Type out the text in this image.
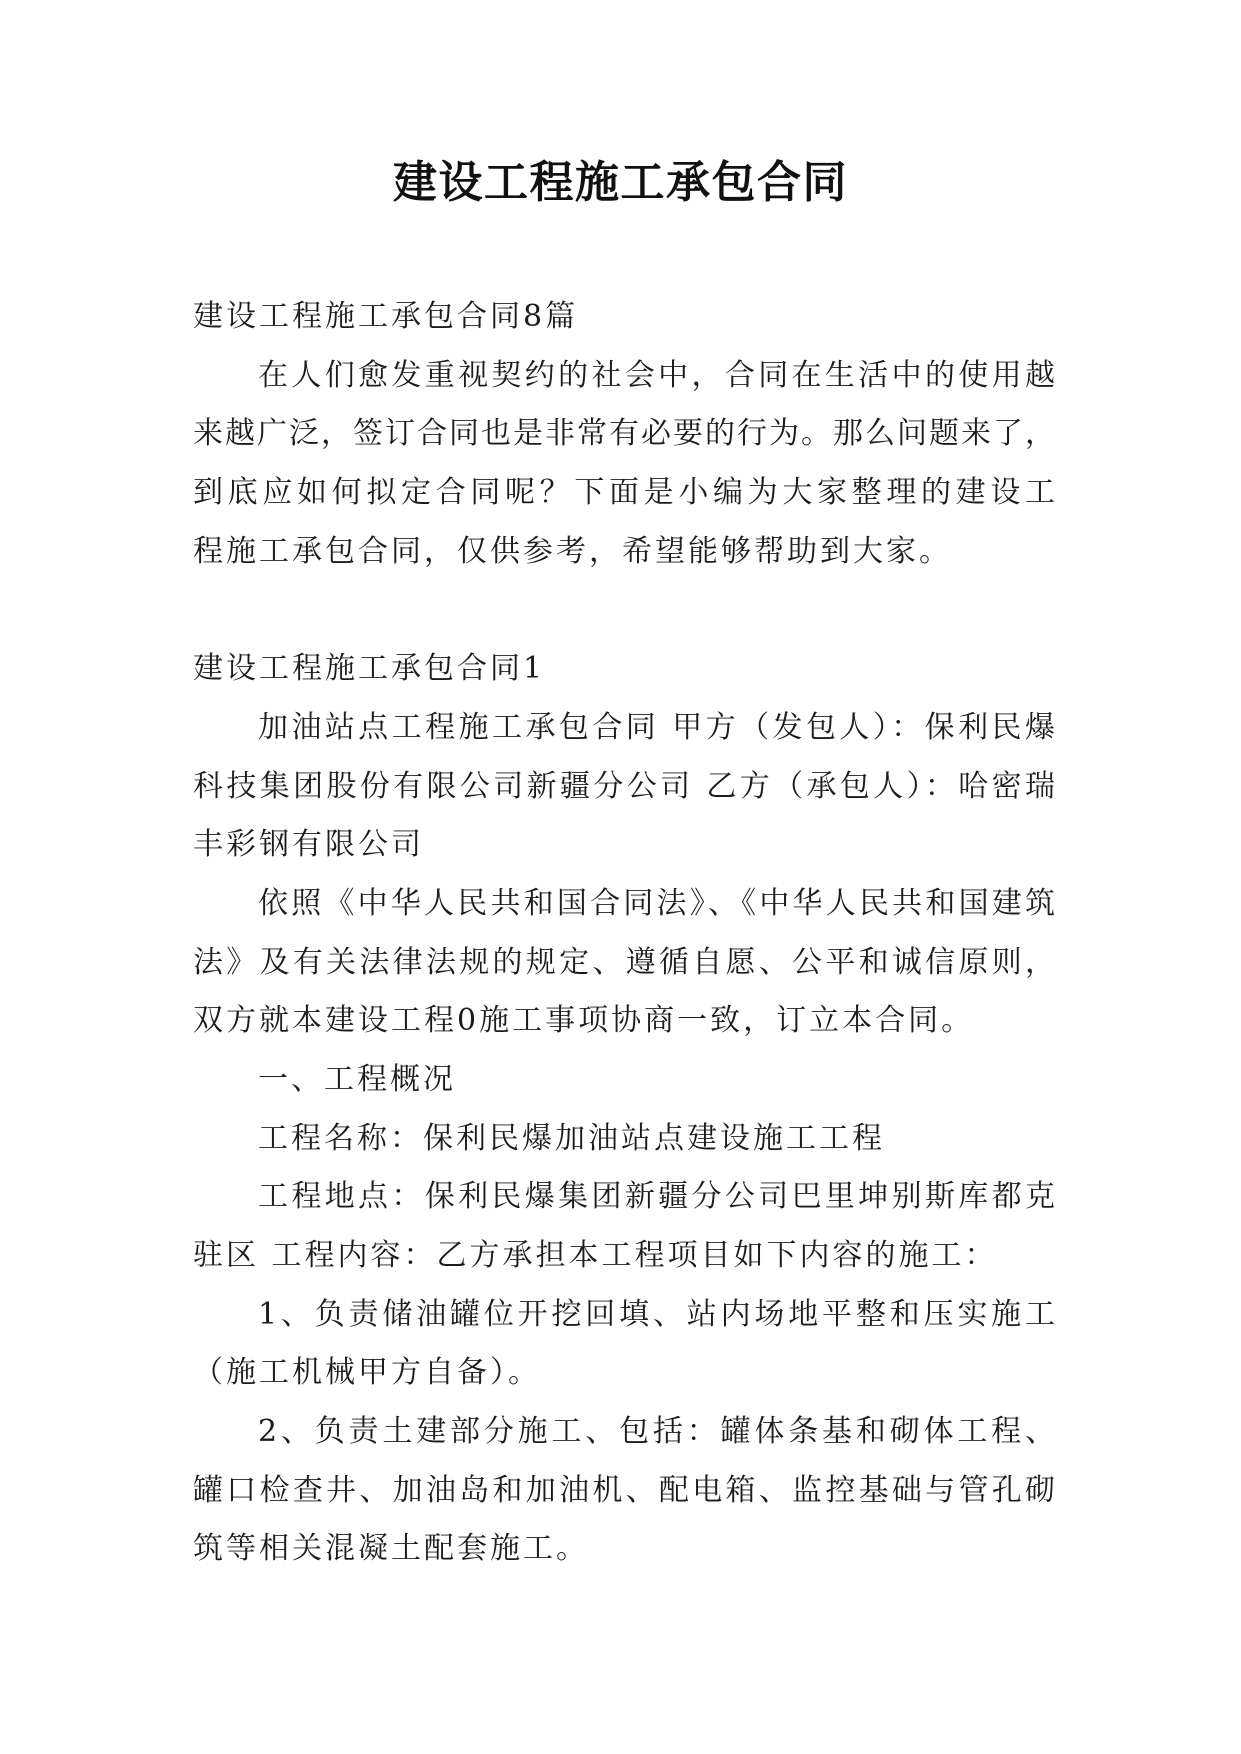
建设工程施工承包合同
建设工程施工承包合同8篇
在人们愈发重视契约的社会中，合同在生活中的使用越
来越广泛，签订合同也是非常有必要的行为。那么问题来了，
到底应如何拟定合同呢？下面是小编为大家整理的建设工
程施工承包合同，仅供参考，希望能够帮助到大家。
建设工程施工承包合同1
加油站点工程施工承包合同 甲方（发包人）：保利民爆
科技集团股份有限公司新疆分公司 乙方（承包人）：哈密瑞
丰彩钢有限公司
依照《中华人民共和国合同法》、《中华人民共和国建筑
法》及有关法律法规的规定、遵循自愿、公平和诚信原则，
双方就本建设工程0施工事项协商一致，订立本合同。
一、工程概况
工程名称：保利民爆加油站点建设施工工程
工程地点：保利民爆集团新疆分公司巴里坤别斯库都克
驻区 工程内容：乙方承担本工程项目如下内容的施工：
1、负责储油罐位开挖回填、站内场地平整和压实施工
（施工机械甲方自备）。
2、负责土建部分施工、包括：罐体条基和砌体工程、
罐口检查井、加油岛和加油机、配电箱、监控基础与管孔砌
筑等相关混凝土配套施工。
